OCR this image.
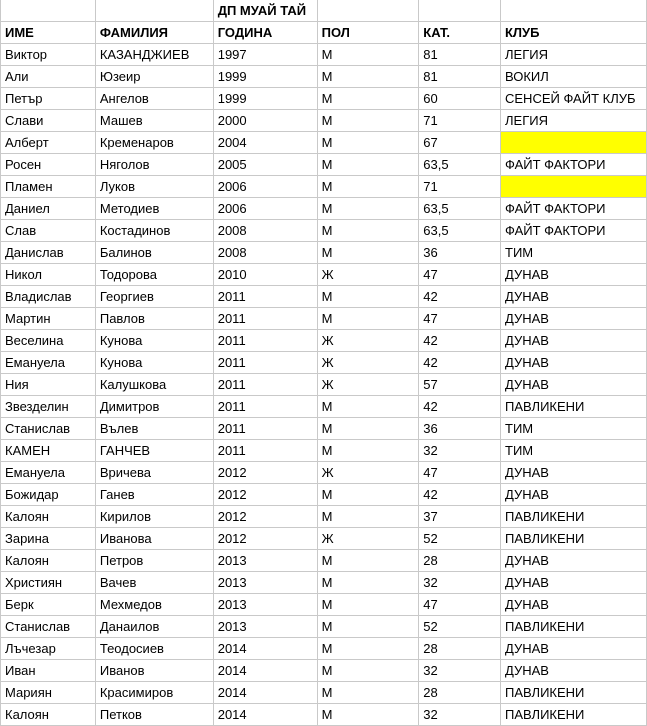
		ДП МУАЙ ТАЙ			
ИМЕ	ФАМИЛИЯ	ГОДИНА	ПОЛ	КАТ.	КЛУБ
Виктор	КАЗАНДЖИЕВ	1997	М	81	ЛЕГИЯ
Али	Юзеир	1999	М	81	ВОКИЛ
Петър	Ангелов	1999	М	60	СЕНСЕЙ ФАЙТ КЛУБ
Слави	Машев	2000	М	71	ЛЕГИЯ
Алберт	Кременаров	2004	М	67	
Росен	Няголов	2005	М	63,5	ФАЙТ ФАКТОРИ
Пламен	Луков	2006	М	71	
Даниел	Методиев	2006	М	63,5	ФАЙТ ФАКТОРИ
Слав	Костадинов	2008	М	63,5	ФАЙТ ФАКТОРИ
Данислав	Балинов	2008	М	36	ТИМ
Никол	Тодорова	2010	Ж	47	ДУНАВ
Владислав	Георгиев	2011	М	42	ДУНАВ
Мартин	Павлов	2011	М	47	ДУНАВ
Веселина	Кунова	2011	Ж	42	ДУНАВ
Емануела	Кунова	2011	Ж	42	ДУНАВ
Ния	Калушкова	2011	Ж	57	ДУНАВ
Звезделин	Димитров	2011	М	42	ПАВЛИКЕНИ
Станислав	Вълев	2011	М	36	ТИМ
КАМЕН	ГАНЧЕВ	2011	М	32	ТИМ
Емануела	Вричева	2012	Ж	47	ДУНАВ
Божидар	Ганев	2012	М	42	ДУНАВ
Калоян	Кирилов	2012	М	37	ПАВЛИКЕНИ
Зарина	Иванова	2012	Ж	52	ПАВЛИКЕНИ
Калоян	Петров	2013	М	28	ДУНАВ
Християн	Вачев	2013	М	32	ДУНАВ
Берк	Мехмедов	2013	М	47	ДУНАВ
Станислав	Данаилов	2013	М	52	ПАВЛИКЕНИ
Лъчезар	Теодосиев	2014	М	28	ДУНАВ
Иван	Иванов	2014	М	32	ДУНАВ
Мариян	Красимиров	2014	М	28	ПАВЛИКЕНИ
Калоян	Петков	2014	М	32	ПАВЛИКЕНИ
